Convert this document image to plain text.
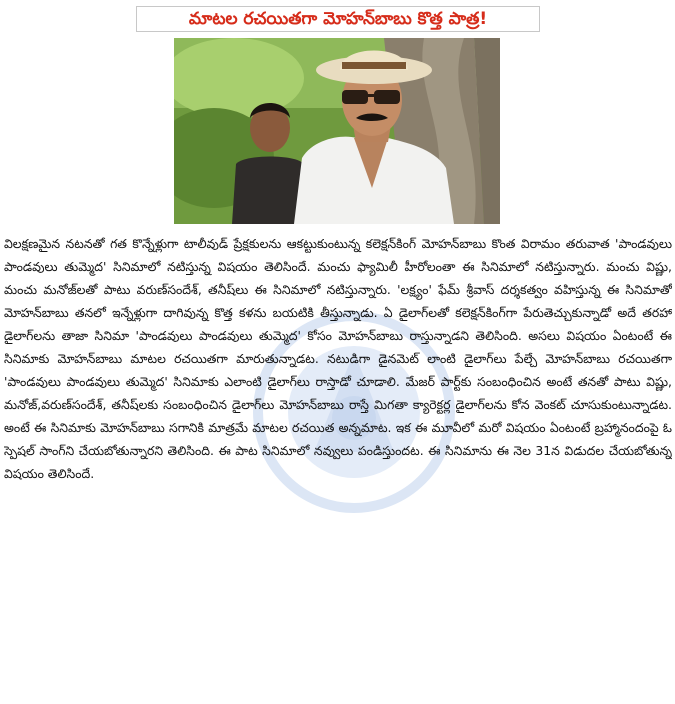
మాటల రచయితగా మోహన్‌బాబు కొత్త పాత్ర!

విలక్షణమైన నటనతో గత కొన్నేళ్లుగా టాలీవుడ్ ప్రేక్షకులను ఆకట్టుకుంటున్న కలెక్షన్‌కింగ్ మోహన్‌బాబు కొంత విరామం తరువాత 'పాండవులు పాండవులు తుమ్మెద' సినిమాలో నటిస్తున్న విషయం తెలిసిందే. మంచు ఫ్యామిలీ హీరోలంతా ఈ సినిమాలో నటిస్తున్నారు. మంచు విష్ణు, మంచు మనోజ్‌లతో పాటు వరుణ్‌సందేశ్, తనీష్‌లు ఈ సినిమాలో నటిస్తున్నారు. 'లక్ష్యం' ఫేమ్ శ్రీవాస్ దర్శకత్వం వహిస్తున్న ఈ సినిమాతో మోహన్‌బాబు తనలో ఇన్నేళ్లుగా దాగివున్న కొత్త కళను బయటికి తీస్తున్నాడు. ఏ డైలాగ్‌లతో కలెక్షన్‌కింగ్‌గా పేరుతెచ్చుకున్నాడో అదే తరహా డైలాగ్‌లను తాజా సినిమా 'పాండవులు పాండవులు తుమ్మెద' కోసం మోహన్‌బాబు రాస్తున్నాడని తెలిసింది. అసలు విషయం ఏంటంటే ఈ సినిమాకు మోహన్‌బాబు మాటల రచయితగా మారుతున్నాడట. నటుడిగా డైనమెట్ లాంటి డైలాగ్‌లు పేల్చే మోహన్‌బాబు రచయితగా 'పాండవులు పాండవులు తుమ్మెద' సినిమాకు ఎలాంటి డైలాగ్‌లు రాస్తాడో చూడాలి. మేజర్ పార్ట్‌కు సంబంధించిన అంటే తనతో పాటు విష్ణు, మనోజ్,వరుణ్‌సందేశ్, తనీష్‌లకు సంబంధించిన డైలాగ్‌లు మోహన్‌బాబు రాస్తే మిగతా క్యారెక్టర్ల డైలాగ్‌లను కోన వెంకట్ చూసుకుంటున్నాడట. అంటే ఈ సినిమాకు మోహన్‌బాబు సగానికి మాత్రమే మాటల రచయిత అన్నమాట. ఇక ఈ మూవీలో మరో విషయం ఏంటంటే బ్రహ్మానందంపై ఓ స్పెషల్ సాంగ్‌ని చేయబోతున్నారని తెలిసింది. ఈ పాట సినిమాలో నవ్వులు పండిస్తుందట. ఈ సినిమాను ఈ నెల 31న విడుదల చేయబోతున్న విషయం తెలిసిందే.
